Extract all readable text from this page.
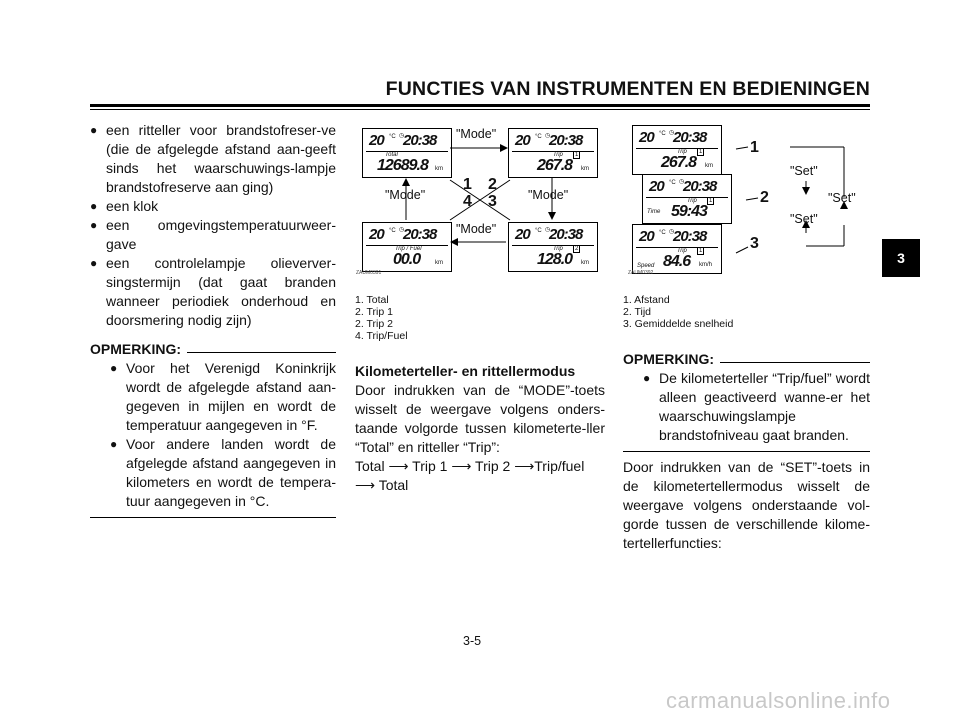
FUNCTIES VAN INSTRUMENTEN EN BEDIENINGEN
3
● een ritteller voor brandstofreser-ve (die de afgelegde afstand aan-geeft sinds het waarschuwings-lampje brandstofreserve aan ging)
● een klok
● een omgevingstemperatuurweer-gave
● een controlelampje olieverver-singstermijn (dat gaat branden wanneer periodiek onderhoud en doorsmering nodig zijn)
OPMERKING:
● Voor het Verenigd Koninkrijk wordt de afgelegde afstand aan-gegeven in mijlen en wordt de temperatuur aangegeven in °F.
● Voor andere landen wordt de afgelegde afstand aangegeven in kilometers en wordt de tempera-tuur aangegeven in °C.
20 °C ◷
20:38
Total
12689.8 km
20 °C ◷
20:38
Trip	1
267.8 km
20 °C ◷
20:38
Trip / Fuel
00.0 km
20 °C ◷
20:38
Trip	2
128.0 km
"Mode"
"Mode"	"Mode"
"Mode"
1 2
4 3
ZAUM0391
1. Total
2. Trip 1
2. Trip 2
4. Trip/Fuel
Kilometerteller- en rittellermodus
Door indrukken van de “MODE”-toets wisselt de weergave volgens onders-taande volgorde tussen kilometerte-ller “Total” en ritteller “Trip”:
Total ⟶ Trip 1 ⟶ Trip 2 ⟶Trip/fuel ⟶ Total
20 °C ◷
20:38
Trip	1
267.8 km
20 °C ◷
20:38
Trip	1
Time 59:43
20 °C ◷
20:38
Trip	1
Speed 84.6 km/h
"Set"
"Set"
"Set"
1
2
3
ZAUM0392
1. Afstand
2. Tijd
3. Gemiddelde snelheid
OPMERKING:
● De kilometerteller “Trip/fuel” wordt alleen geactiveerd wanne-er het waarschuwingslampje brandstofniveau gaat branden.
Door indrukken van de “SET”-toets in de kilometertellermodus wisselt de weergave volgens onderstaande vol-gorde tussen de verschillende kilome-tertellerfuncties:
3-5
carmanualsonline.info
